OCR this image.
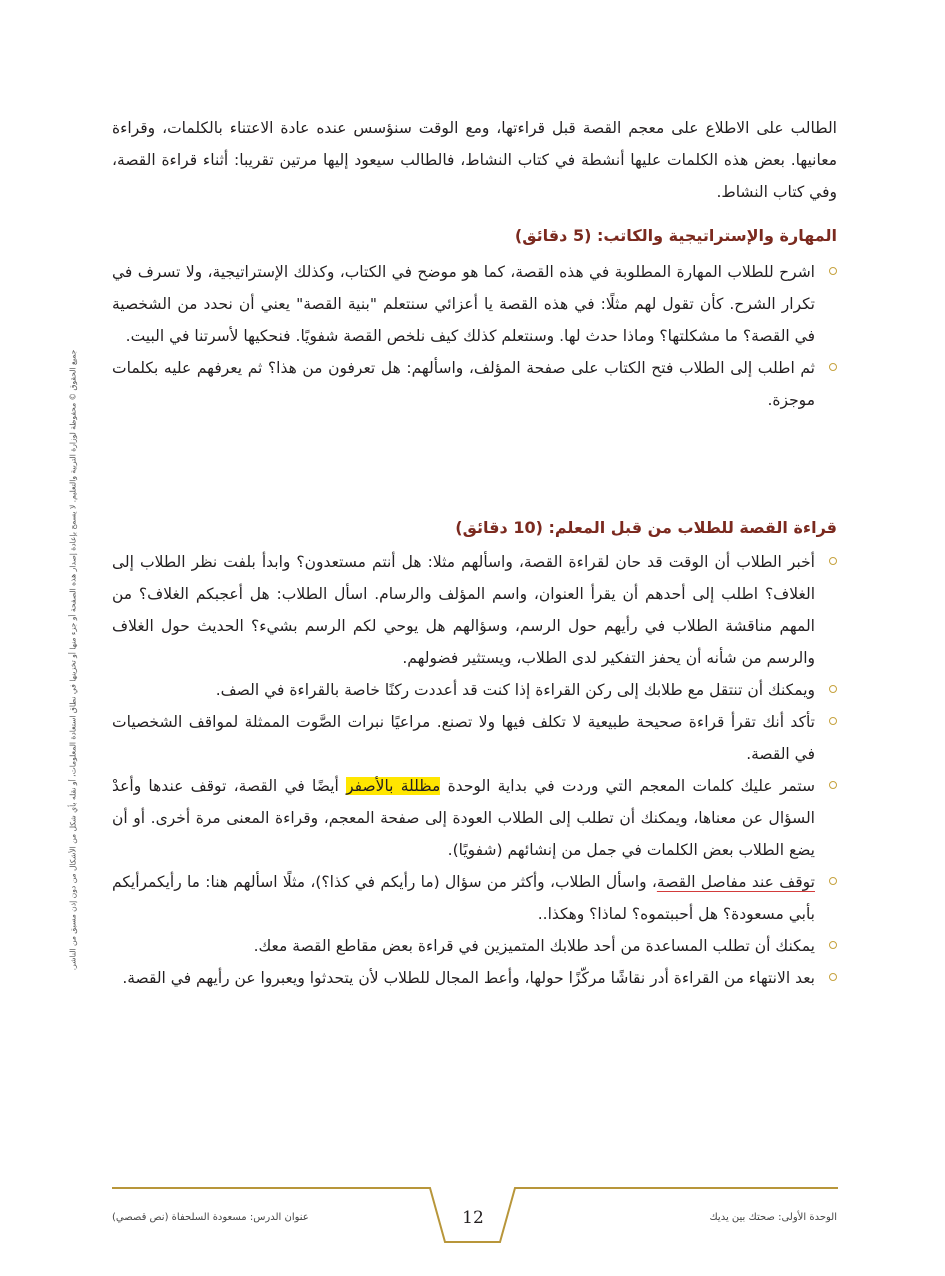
جميع الحقوق © محفوظة لوزارة التربية والتعليم. لا يسمح بإعادة إصدار هذه الصفحة أو جزء منها أو تخزينها في نطاق استعادة المعلومات، أو نقله بأي شكل من الأشكال من دون إذن مسبق من الناشر.

الطالب على الاطلاع على معجم القصة قبل قراءتها، ومع الوقت سنؤسس عنده عادة الاعتناء بالكلمات، وقراءة معانيها. بعض هذه الكلمات عليها أنشطة في كتاب النشاط، فالطالب سيعود إليها مرتين تقريبا: أثناء قراءة القصة، وفي كتاب النشاط.

المهارة والإستراتيجية والكاتب: (5 دقائق)
اشرح للطلاب المهارة المطلوبة في هذه القصة، كما هو موضح في الكتاب، وكذلك الإستراتيجية، ولا تسرف في تكرار الشرح. كأن تقول لهم مثلًا: في هذه القصة يا أعزائي سنتعلم "بنية القصة" يعني أن نحدد من الشخصية في القصة؟ ما مشكلتها؟ وماذا حدث لها. وسنتعلم كذلك كيف نلخص القصة شفويًا. فنحكيها لأسرتنا في البيت.
ثم اطلب إلى الطلاب فتح الكتاب على صفحة المؤلف، واسألهم: هل تعرفون من هذا؟ ثم يعرفهم عليه بكلمات موجزة.
قراءة القصة للطلاب من قبل المعلم: (10 دقائق)
أخبر الطلاب أن الوقت قد حان لقراءة القصة، واسألهم مثلا: هل أنتم مستعدون؟ وابدأ بلفت نظر الطلاب إلى الغلاف؟ اطلب إلى أحدهم أن يقرأ العنوان، واسم المؤلف والرسام. اسأل الطلاب: هل أعجبكم الغلاف؟ من المهم مناقشة الطلاب في رأيهم حول الرسم، وسؤالهم هل يوحي لكم الرسم بشيء؟ الحديث حول الغلاف والرسم من شأنه أن يحفز التفكير لدى الطلاب، ويستثير فضولهم.
ويمكنك أن تنتقل مع طلابك إلى ركن القراءة إذا كنت قد أعددت ركنًا خاصة بالقراءة في الصف.
تأكد أنك تقرأ قراءة صحيحة طبيعية لا تكلف فيها ولا تصنع. مراعيًا نبرات الصَّوت الممثلة لمواقف الشخصيات في القصة.
ستمر عليك كلمات المعجم التي وردت في بداية الوحدة مظللة بالأصفر أيضًا في القصة، توقف عندها وأعدْ السؤال عن معناها، ويمكنك أن تطلب إلى الطلاب العودة إلى صفحة المعجم، وقراءة المعنى مرة أخرى. أو أن يضع الطلاب بعض الكلمات في جمل من إنشائهم (شفويًا).
توقف عند مفاصل القصة، واسأل الطلاب، وأكثر من سؤال (ما رأيكم في كذا؟)، مثلًا اسألهم هنا: ما رأيكمرأيكم بأبي مسعودة؟ هل أحببتموه؟ لماذا؟ وهكذا..
يمكنك أن تطلب المساعدة من أحد طلابك المتميزين في قراءة بعض مقاطع القصة معك.
بعد الانتهاء من القراءة أدر نقاشًا مركّزًا حولها، وأعط المجال للطلاب لأن يتحدثوا ويعبروا عن رأيهم في القصة.
الوحدة الأولى: صحتك بين يديك
12
عنوان الدرس: مسعودة السلحفاة (نص قصصي)
